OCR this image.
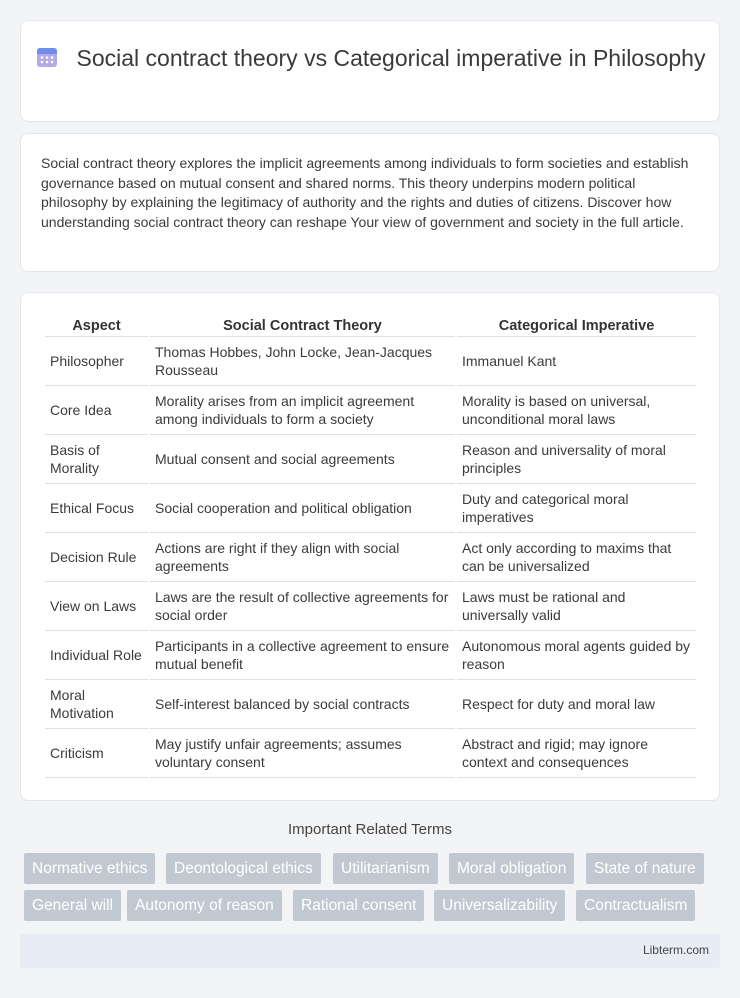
Social contract theory vs Categorical imperative in Philosophy

Social contract theory explores the implicit agreements among individuals to form societies and establish governance based on mutual consent and shared norms. This theory underpins modern political philosophy by explaining the legitimacy of authority and the rights and duties of citizens. Discover how understanding social contract theory can reshape Your view of government and society in the full article.

Aspect	Social Contract Theory	Categorical Imperative
Philosopher	Thomas Hobbes, John Locke, Jean-Jacques Rousseau	Immanuel Kant
Core Idea	Morality arises from an implicit agreement among individuals to form a society	Morality is based on universal, unconditional moral laws
Basis of Morality	Mutual consent and social agreements	Reason and universality of moral principles
Ethical Focus	Social cooperation and political obligation	Duty and categorical moral imperatives
Decision Rule	Actions are right if they align with social agreements	Act only according to maxims that can be universalized
View on Laws	Laws are the result of collective agreements for social order	Laws must be rational and universally valid
Individual Role	Participants in a collective agreement to ensure mutual benefit	Autonomous moral agents guided by reason
Moral Motivation	Self-interest balanced by social contracts	Respect for duty and moral law
Criticism	May justify unfair agreements; assumes voluntary consent	Abstract and rigid; may ignore context and consequences
Important Related Terms
Normative ethics	Deontological ethics	Utilitarianism	Moral obligation	State of nature
General will	Autonomy of reason	Rational consent	Universalizability	Contractualism
Libterm.com
